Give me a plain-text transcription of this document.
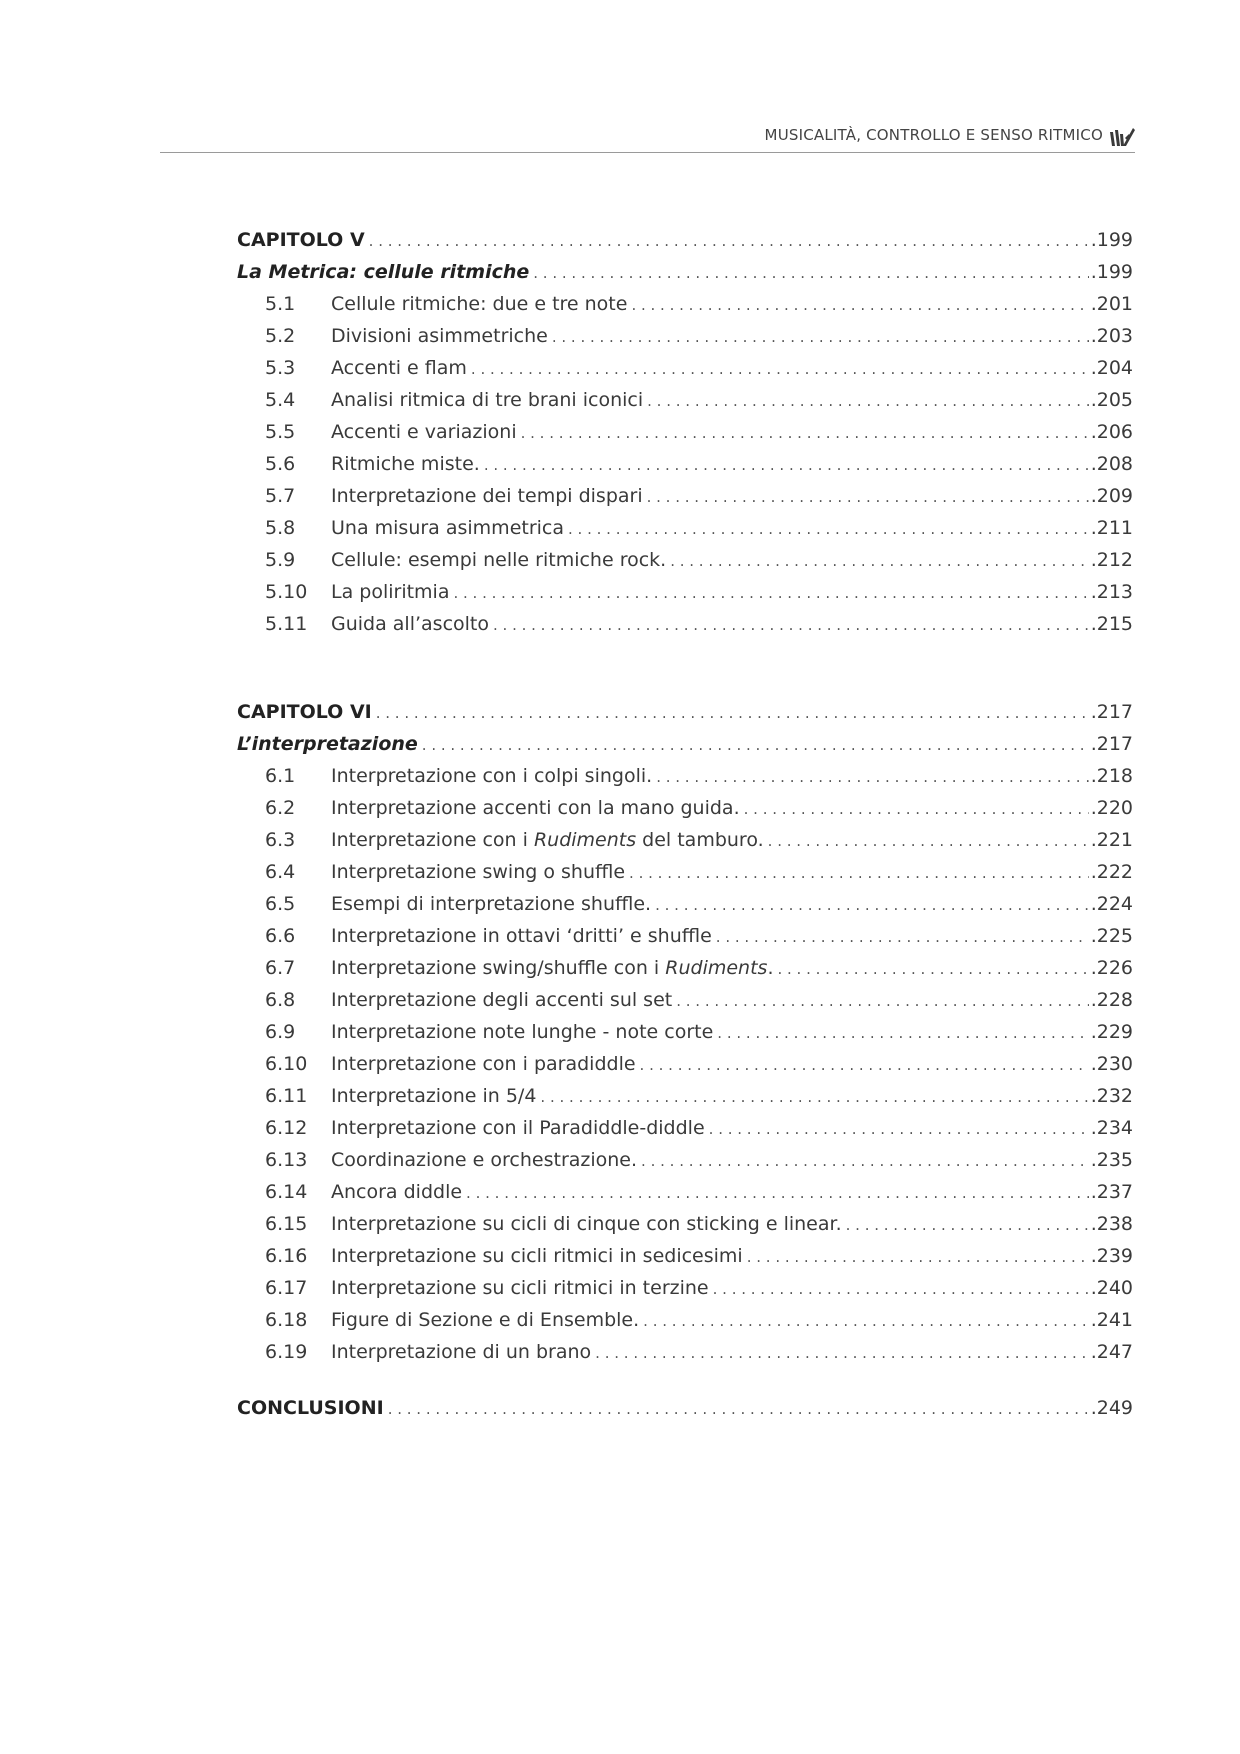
MUSICALITÀ, CONTROLLO E SENSO RITMICO
CAPITOLO V . . .	.199
La Metrica: cellule ritmiche . . .	.199
5.1	Cellule ritmiche: due e tre note . . .	.201
5.2	Divisioni asimmetriche . . .	.203
5.3	Accenti e flam . . .	.204
5.4	Analisi ritmica di tre brani iconici . . .	.205
5.5	Accenti e variazioni . . .	.206
5.6	Ritmiche miste. . . .	.208
5.7	Interpretazione dei tempi dispari . . .	.209
5.8	Una misura asimmetrica . . .	.211
5.9	Cellule: esempi nelle ritmiche rock. . . .	.212
5.10	La poliritmia . . .	.213
5.11	Guida all’ascolto . . .	.215
CAPITOLO VI . . .	.217
L’interpretazione . . .	.217
6.1	Interpretazione con i colpi singoli. . . .	.218
6.2	Interpretazione accenti con la mano guida. . . .	.220
6.3	Interpretazione con i Rudiments del tamburo. . . .	.221
6.4	Interpretazione swing o shuffle . . .	.222
6.5	Esempi di interpretazione shuffle. . . .	.224
6.6	Interpretazione in ottavi ‘dritti’ e shuffle . . .	.225
6.7	Interpretazione swing/shuffle con i Rudiments. . . .	.226
6.8	Interpretazione degli accenti sul set . . .	.228
6.9	Interpretazione note lunghe - note corte . . .	.229
6.10	Interpretazione con i paradiddle . . .	.230
6.11	Interpretazione in 5/4 . . .	.232
6.12	Interpretazione con il Paradiddle-diddle . . .	.234
6.13	Coordinazione e orchestrazione. . . .	.235
6.14	Ancora diddle . . .	.237
6.15	Interpretazione su cicli di cinque con sticking e linear. . . .	.238
6.16	Interpretazione su cicli ritmici in sedicesimi . . .	.239
6.17	Interpretazione su cicli ritmici in terzine . . .	.240
6.18	Figure di Sezione e di Ensemble. . . .	.241
6.19	Interpretazione di un brano . . .	.247
CONCLUSIONI . . .	.249
